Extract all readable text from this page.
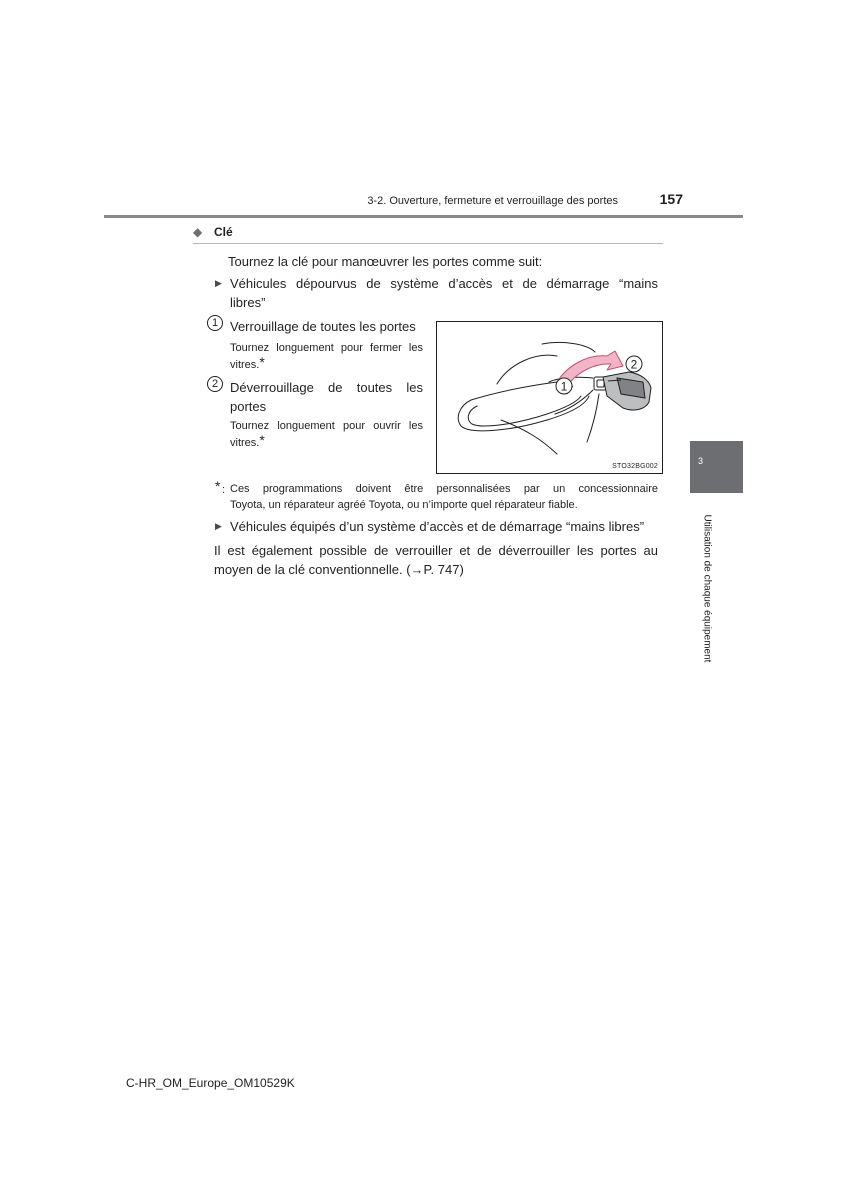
3-2. Ouverture, fermeture et verrouillage des portes	157
◆ Clé
Tournez la clé pour manœuvrer les portes comme suit:
▶ Véhicules dépourvus de système d’accès et de démarrage “mains
libres”
1 Verrouillage de toutes les portes
Tournez longuement pour fermer les
vitres.*
2 Déverrouillage de toutes les
portes
Tournez longuement pour ouvrir les
vitres.*
1
2
STO32BG002
* : Ces programmations doivent être personnalisées par un concessionnaire
Toyota, un réparateur agréé Toyota, ou n’importe quel réparateur fiable.
▶ Véhicules équipés d’un système d’accès et de démarrage “mains libres”
Il est également possible de verrouiller et de déverrouiller les portes au
moyen de la clé conventionnelle. (→P. 747)
3
Utilisation de chaque équipement
C-HR_OM_Europe_OM10529K
